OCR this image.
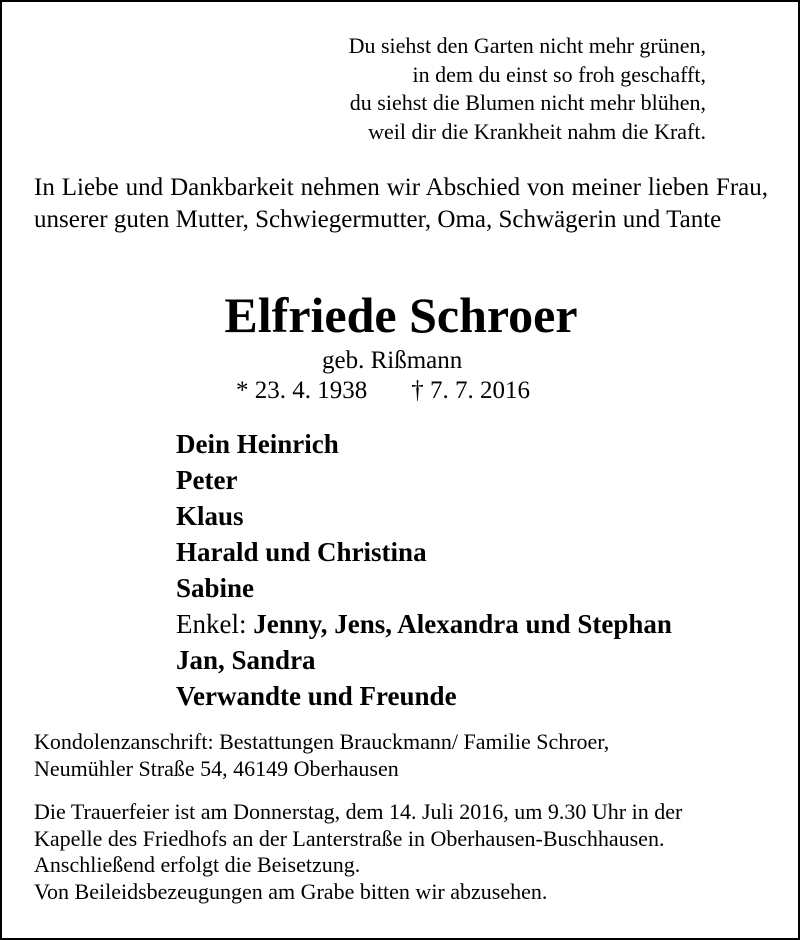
Du siehst den Garten nicht mehr grünen,
in dem du einst so froh geschafft,
du siehst die Blumen nicht mehr blühen,
weil dir die Krankheit nahm die Kraft.
In Liebe und Dankbarkeit nehmen wir Abschied von meiner lieben Frau, unserer guten Mutter, Schwiegermutter, Oma, Schwägerin und Tante
Elfriede Schroer
geb. Rißmann
* 23. 4. 1938 † 7. 7. 2016
Dein Heinrich
Peter
Klaus
Harald und Christina
Sabine
Enkel: Jenny, Jens, Alexandra und Stephan
Jan, Sandra
Verwandte und Freunde
Kondolenzanschrift: Bestattungen Brauckmann/ Familie Schroer,
Neumühler Straße 54, 46149 Oberhausen
Die Trauerfeier ist am Donnerstag, dem 14. Juli 2016, um 9.30 Uhr in der
Kapelle des Friedhofs an der Lanterstraße in Oberhausen-Buschhausen.
Anschließend erfolgt die Beisetzung.
Von Beileidsbezeugungen am Grabe bitten wir abzusehen.
